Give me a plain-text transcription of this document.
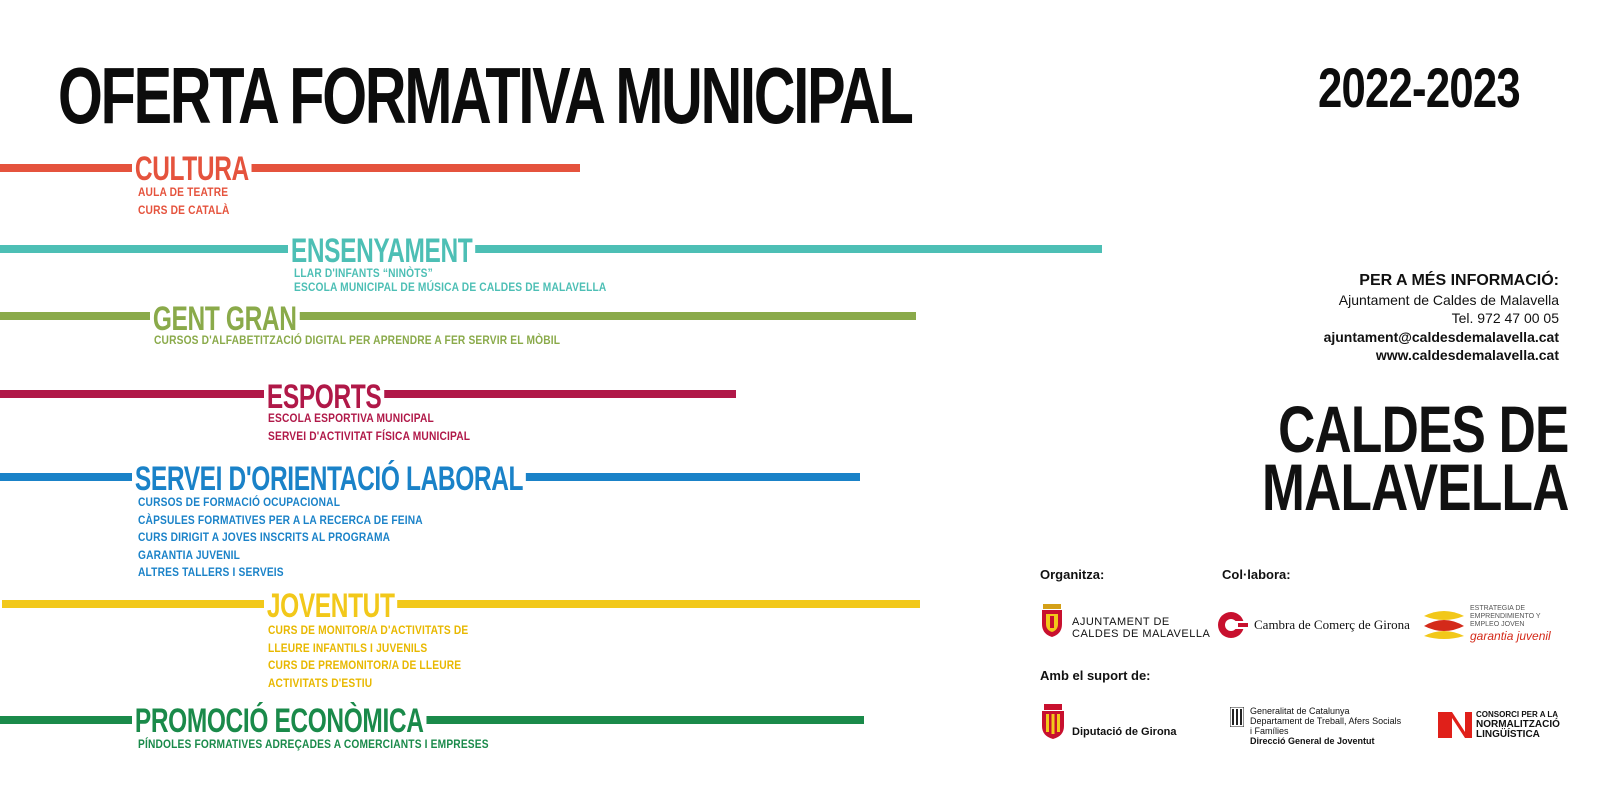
OFERTA FORMATIVA MUNICIPAL	2022-2023
CULTURA
AULA DE TEATRE
CURS DE CATALÀ
ENSENYAMENT
LLAR D'INFANTS “NINÒTS”
ESCOLA MUNICIPAL DE MÚSICA DE CALDES DE MALAVELLA
GENT GRAN
CURSOS D'ALFABETITZACIÓ DIGITAL PER APRENDRE A FER SERVIR EL MÒBIL
ESPORTS
ESCOLA ESPORTIVA MUNICIPAL
SERVEI D'ACTIVITAT FÍSICA MUNICIPAL
SERVEI D'ORIENTACIÓ LABORAL
CURSOS DE FORMACIÓ OCUPACIONAL
CÀPSULES FORMATIVES PER A LA RECERCA DE FEINA
CURS DIRIGIT A JOVES INSCRITS AL PROGRAMA
GARANTIA JUVENIL
ALTRES TALLERS I SERVEIS
JOVENTUT
CURS DE MONITOR/A D'ACTIVITATS DE
LLEURE INFANTILS I JUVENILS
CURS DE PREMONITOR/A DE LLEURE
ACTIVITATS D'ESTIU
PROMOCIÓ ECONÒMICA
PÍNDOLES FORMATIVES ADREÇADES A COMERCIANTS I EMPRESES
PER A MÉS INFORMACIÓ:
Ajuntament de Caldes de Malavella
Tel. 972 47 00 05
ajuntament@caldesdemalavella.cat
www.caldesdemalavella.cat
CALDES DE
MALAVELLA
Organitza:	Col·labora:
Amb el suport de:
AJUNTAMENT DE
CALDES DE MALAVELLA
Cambra de Comerç de Girona
ESTRATEGIA DE
EMPRENDIMIENTO Y
EMPLEO JOVEN
garantia juvenil
Diputació de Girona
Generalitat de Catalunya
Departament de Treball, Afers Socials
i Famílies
Direcció General de Joventut
CONSORCI PER A LA
NORMALITZACIÓ
LINGÜÍSTICA
